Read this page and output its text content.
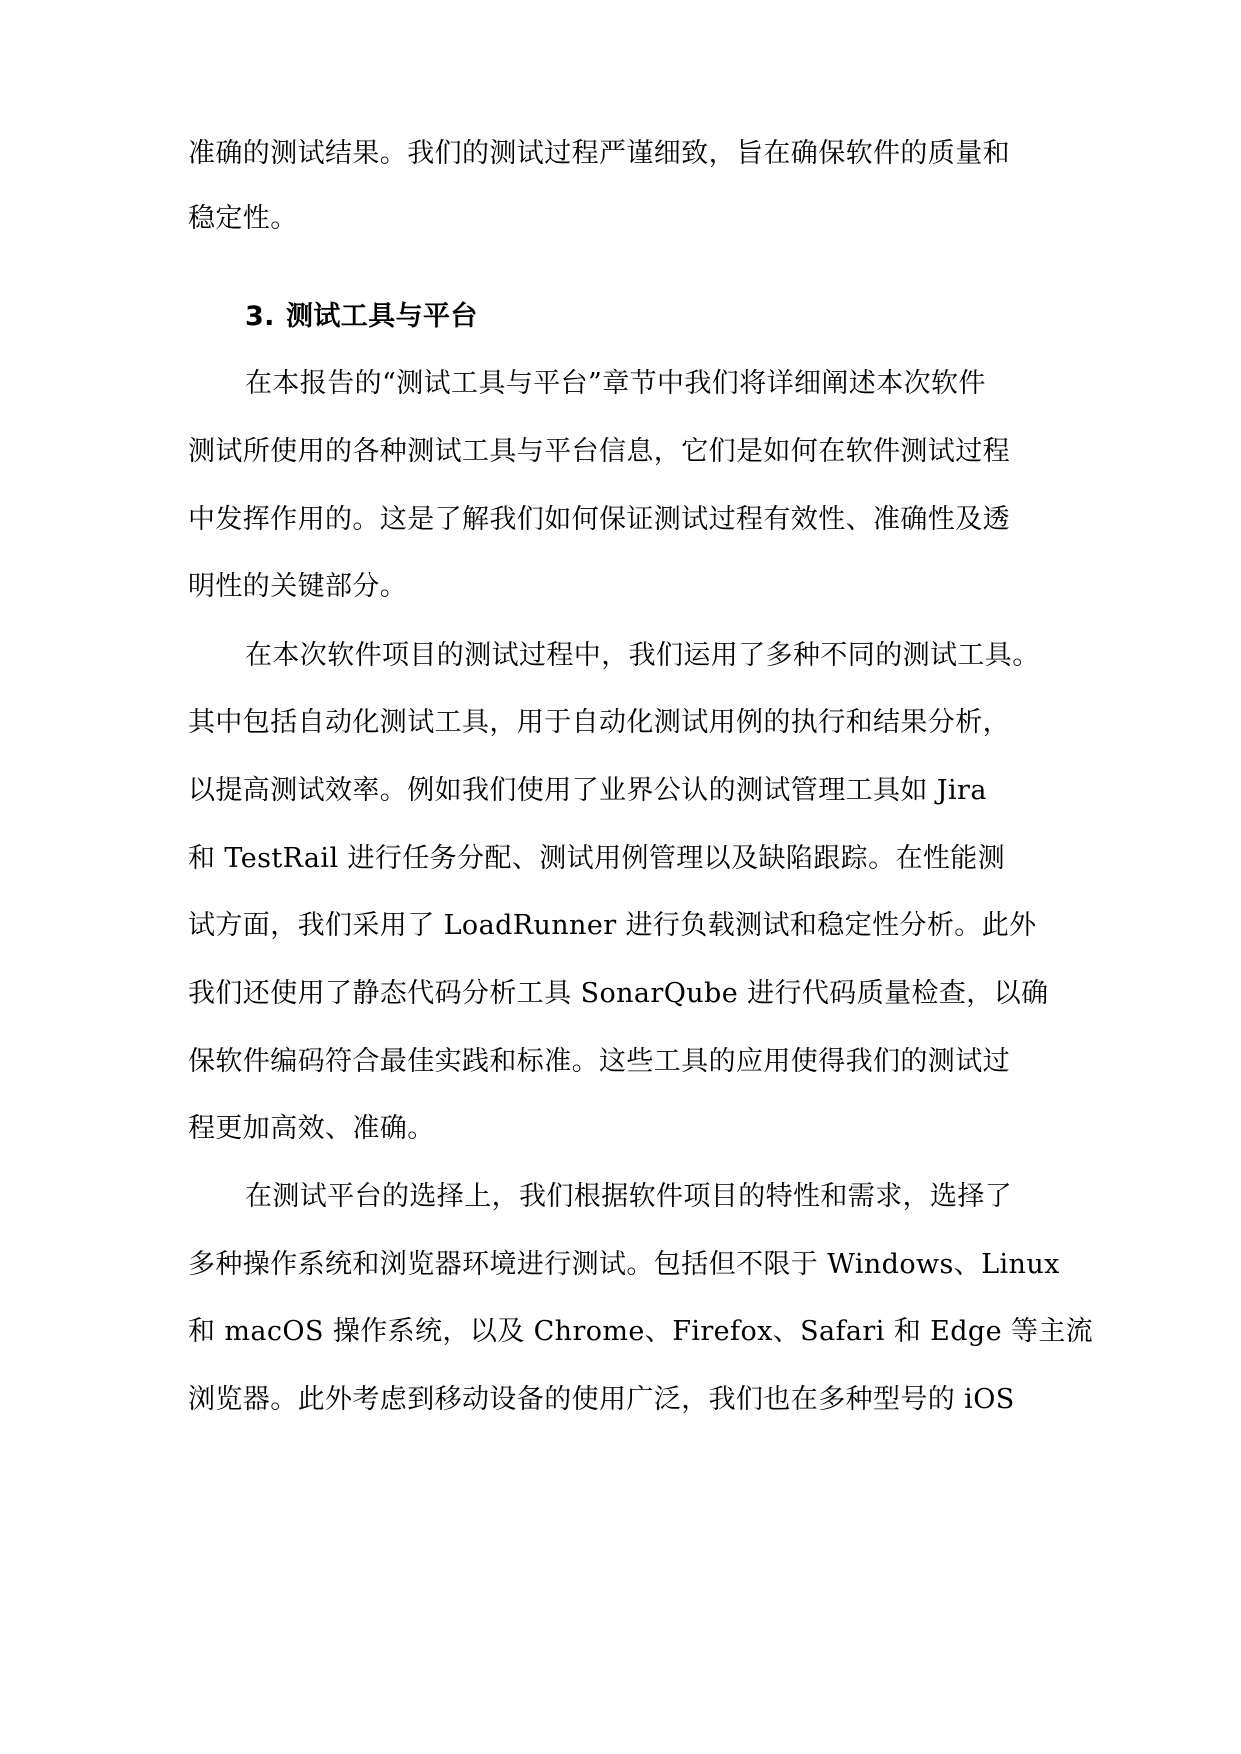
准确的测试结果。我们的测试过程严谨细致，旨在确保软件的质量和
稳定性。
3. 测试工具与平台
在本报告的“测试工具与平台”章节中我们将详细阐述本次软件
测试所使用的各种测试工具与平台信息，它们是如何在软件测试过程
中发挥作用的。这是了解我们如何保证测试过程有效性、准确性及透
明性的关键部分。
在本次软件项目的测试过程中，我们运用了多种不同的测试工具。
其中包括自动化测试工具，用于自动化测试用例的执行和结果分析，
以提高测试效率。例如我们使用了业界公认的测试管理工具如 Jira
和 TestRail 进行任务分配、测试用例管理以及缺陷跟踪。在性能测
试方面，我们采用了 LoadRunner 进行负载测试和稳定性分析。此外
我们还使用了静态代码分析工具 SonarQube 进行代码质量检查，以确
保软件编码符合最佳实践和标准。这些工具的应用使得我们的测试过
程更加高效、准确。
在测试平台的选择上，我们根据软件项目的特性和需求，选择了
多种操作系统和浏览器环境进行测试。包括但不限于 Windows、Linux
和 macOS 操作系统，以及 Chrome、Firefox、Safari 和 Edge 等主流
浏览器。此外考虑到移动设备的使用广泛，我们也在多种型号的 iOS
